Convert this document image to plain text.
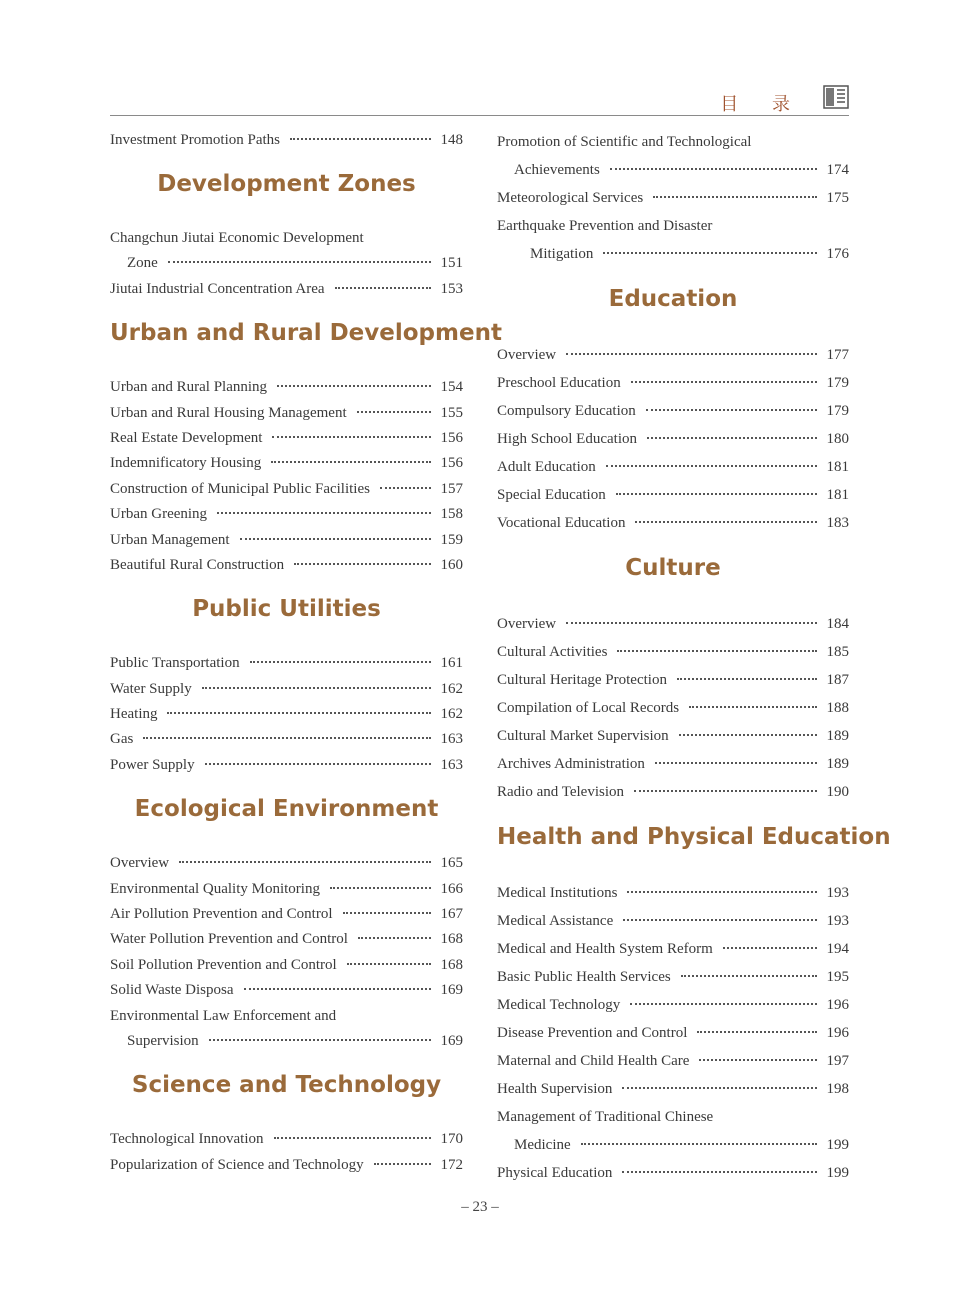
目 录
Investment Promotion Paths	148
Development Zones
Changchun Jiutai Economic Development
Zone	151
Jiutai Industrial Concentration Area	153
Urban and Rural Development
Urban and Rural Planning	154
Urban and Rural Housing Management	155
Real Estate Development	156
Indemnificatory Housing	156
Construction of Municipal Public Facilities	157
Urban Greening	158
Urban Management	159
Beautiful Rural Construction	160
Public Utilities
Public Transportation	161
Water Supply	162
Heating	162
Gas	163
Power Supply	163
Ecological Environment
Overview	165
Environmental Quality Monitoring	166
Air Pollution Prevention and Control	167
Water Pollution Prevention and Control	168
Soil Pollution Prevention and Control	168
Solid Waste Disposa	169
Environmental Law Enforcement and
Supervision	169
Science and Technology
Technological Innovation	170
Popularization of Science and Technology	172
Promotion of Scientific and Technological
Achievements	174
Meteorological Services	175
Earthquake Prevention and Disaster
Mitigation	176
Education
Overview	177
Preschool Education	179
Compulsory Education	179
High School Education	180
Adult Education	181
Special Education	181
Vocational Education	183
Culture
Overview	184
Cultural Activities	185
Cultural Heritage Protection	187
Compilation of Local Records	188
Cultural Market Supervision	189
Archives Administration	189
Radio and Television	190
Health and Physical Education
Medical Institutions	193
Medical Assistance	193
Medical and Health System Reform	194
Basic Public Health Services	195
Medical Technology	196
Disease Prevention and Control	196
Maternal and Child Health Care	197
Health Supervision	198
Management of Traditional Chinese
Medicine	199
Physical Education	199
– 23 –
